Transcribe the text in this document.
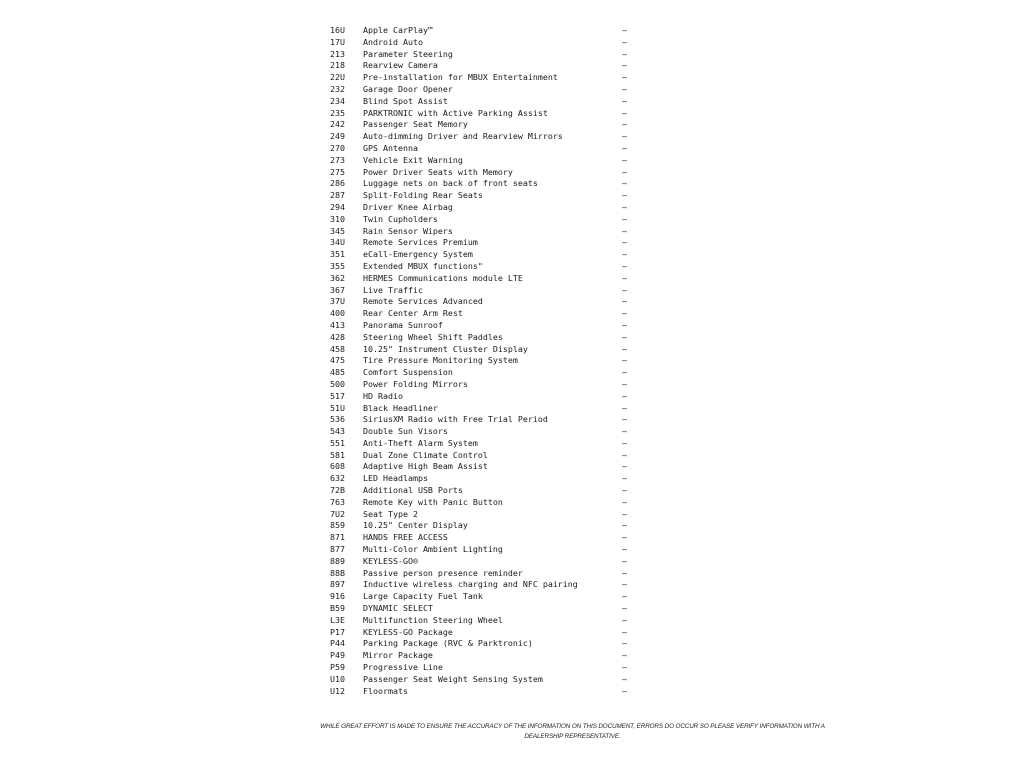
16U Apple CarPlay™	—
17U Android Auto	—
213 Parameter Steering	—
218 Rearview Camera	—
22U Pre-installation for MBUX Entertainment	—
232 Garage Door Opener	—
234 Blind Spot Assist	—
235 PARKTRONIC with Active Parking Assist	—
242 Passenger Seat Memory	—
249 Auto-dimming Driver and Rearview Mirrors	—
270 GPS Antenna	—
273 Vehicle Exit Warning	—
275 Power Driver Seats with Memory	—
286 Luggage nets on back of front seats	—
287 Split-Folding Rear Seats	—
294 Driver Knee Airbag	—
310 Twin Cupholders	—
345 Rain Sensor Wipers	—
34U Remote Services Premium	—
351 eCall-Emergency System	—
355 Extended MBUX functions"	—
362 HERMES Communications module LTE	—
367 Live Traffic	—
37U Remote Services Advanced	—
400 Rear Center Arm Rest	—
413 Panorama Sunroof	—
428 Steering Wheel Shift Paddles	—
458 10.25" Instrument Cluster Display	—
475 Tire Pressure Monitoring System	—
485 Comfort Suspension	—
500 Power Folding Mirrors	—
517 HD Radio	—
51U Black Headliner	—
536 SiriusXM Radio with Free Trial Period	—
543 Double Sun Visors	—
551 Anti-Theft Alarm System	—
581 Dual Zone Climate Control	—
608 Adaptive High Beam Assist	—
632 LED Headlamps	—
72B Additional USB Ports	—
763 Remote Key with Panic Button	—
7U2 Seat Type 2	—
859 10.25" Center Display	—
871 HANDS FREE ACCESS	—
877 Multi-Color Ambient Lighting	—
889 KEYLESS-GO®	—
88B Passive person presence reminder	—
897 Inductive wireless charging and NFC pairing	—
916 Large Capacity Fuel Tank	—
B59 DYNAMIC SELECT	—
L3E Multifunction Steering Wheel	—
P17 KEYLESS-GO Package	—
P44 Parking Package (RVC & Parktronic)	—
P49 Mirror Package	—
P59 Progressive Line	—
U10 Passenger Seat Weight Sensing System	—
U12 Floormats	—
WHILE GREAT EFFORT IS MADE TO ENSURE THE ACCURACY OF THE INFORMATION ON THIS DOCUMENT, ERRORS DO OCCUR SO PLEASE VERIFY INFORMATION WITH A
DEALERSHIP REPRESENTATIVE.
